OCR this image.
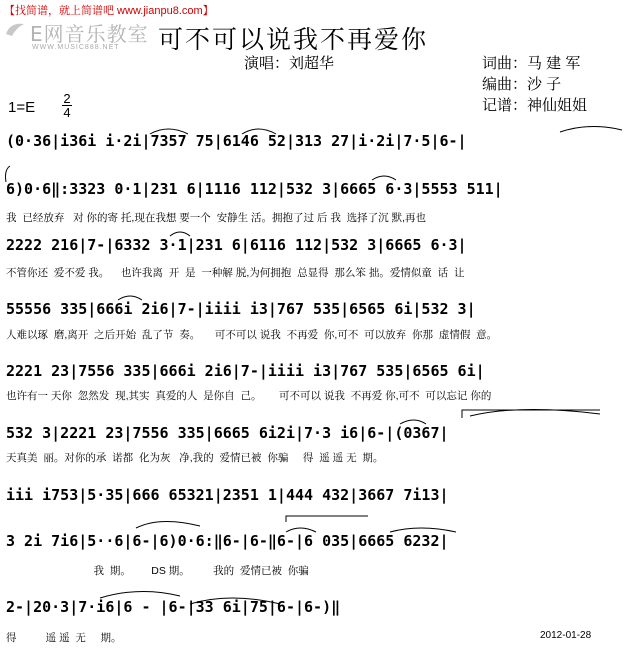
【找简谱，就上简谱吧 www.jianpu8.com】
E网音乐教室
WWW.MUSIC888.NET 可不可以说我不再爱你
演唱：刘超华	词曲：马 建 军
编曲：沙 子
记谱：神仙姐姐
1=E
2
4
(0·36|i36i i·2i|7357 75|6146 52|313 27|i·2i|7·5|6-|
6)0·6‖:3323 0·1|231 6|1116 112|532 3|6665 6·3|5553 511|
我  已经放弃   对 你的寄 托,现在我想 要一个  安静生 活。拥抱了过 后 我  选择了沉 默,再也
2222 216|7-|6332 3·1|231 6|6116 112|532 3|6665 6·3|
不管你还  爱不爱 我。    也许我离  开  是  一种解 脱,为何拥抱  总显得  那么笨 拙。爱情似童  话  让
55556 335|666i 2i6|7-|iiii i3|767 535|6565 6i|532 3|
人难以琢  磨,离开  之后开始  乱了节  奏。     可不可以 说我  不再爱  你,可不  可以放弃  你那  虚情假  意。
2221 23|7556 335|666i 2i6|7-|iiii i3|767 535|6565 6i|
也许有一 天你  忽然发  现,其实  真爱的人  是你自  己。      可不可以 说我  不再爱 你,可不  可以忘记 你的
532 3|2221 23|7556 335|6665 6i2i|7·3 i6|6-|(0367|
天真美  丽。对你的承  诺都  化为灰   净,我的  爱情已被  你骗     得  遥 遥 无  期。
iii i753|5·35|666 65321|2351 1|444 432|3667 7i13|
3 2i 7i6|5··6|6-|6)0·6:‖6-|6-‖6-|6 035|6665 6232|
我  期。       DS 期。        我的  爱情已被  你骗
2-|20·3|7·i6|6 - |6-|33 6i|75|6-|6-)‖
得          遥 遥  无     期。	2012-01-28
